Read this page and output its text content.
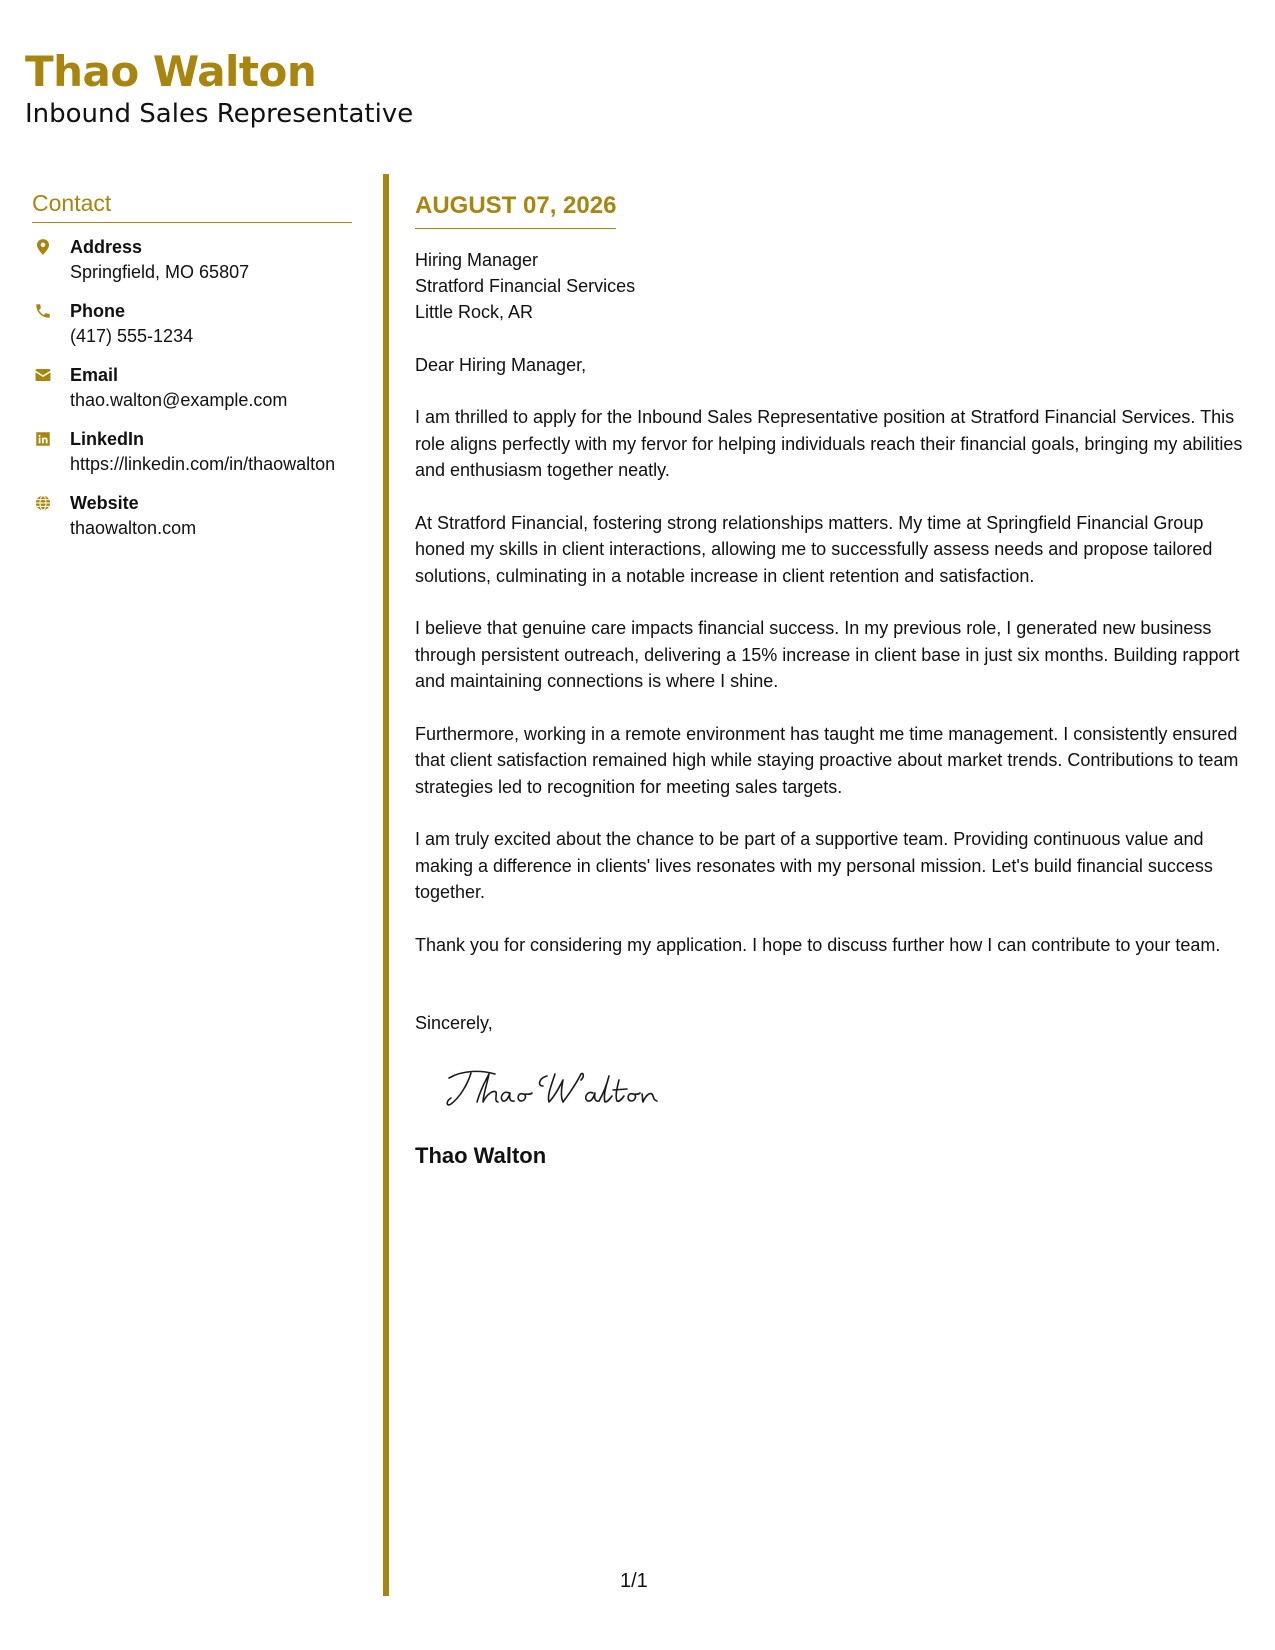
Thao Walton
Inbound Sales Representative
Contact
Address
Springfield, MO 65807
Phone
(417) 555-1234
Email
thao.walton@example.com
LinkedIn
https://linkedin.com/in/thaowalton
Website
thaowalton.com
AUGUST 07, 2026
Hiring Manager
Stratford Financial Services
Little Rock, AR

Dear Hiring Manager,

I am thrilled to apply for the Inbound Sales Representative position at Stratford Financial Services. This role aligns perfectly with my fervor for helping individuals reach their financial goals, bringing my abilities and enthusiasm together neatly.

At Stratford Financial, fostering strong relationships matters. My time at Springfield Financial Group honed my skills in client interactions, allowing me to successfully assess needs and propose tailored solutions, culminating in a notable increase in client retention and satisfaction.

I believe that genuine care impacts financial success. In my previous role, I generated new business through persistent outreach, delivering a 15% increase in client base in just six months. Building rapport and maintaining connections is where I shine.

Furthermore, working in a remote environment has taught me time management. I consistently ensured that client satisfaction remained high while staying proactive about market trends. Contributions to team strategies led to recognition for meeting sales targets.

I am truly excited about the chance to be part of a supportive team. Providing continuous value and making a difference in clients' lives resonates with my personal mission. Let's build financial success together.

Thank you for considering my application. I hope to discuss further how I can contribute to your team.

Sincerely,

Thao Walton

1/1
